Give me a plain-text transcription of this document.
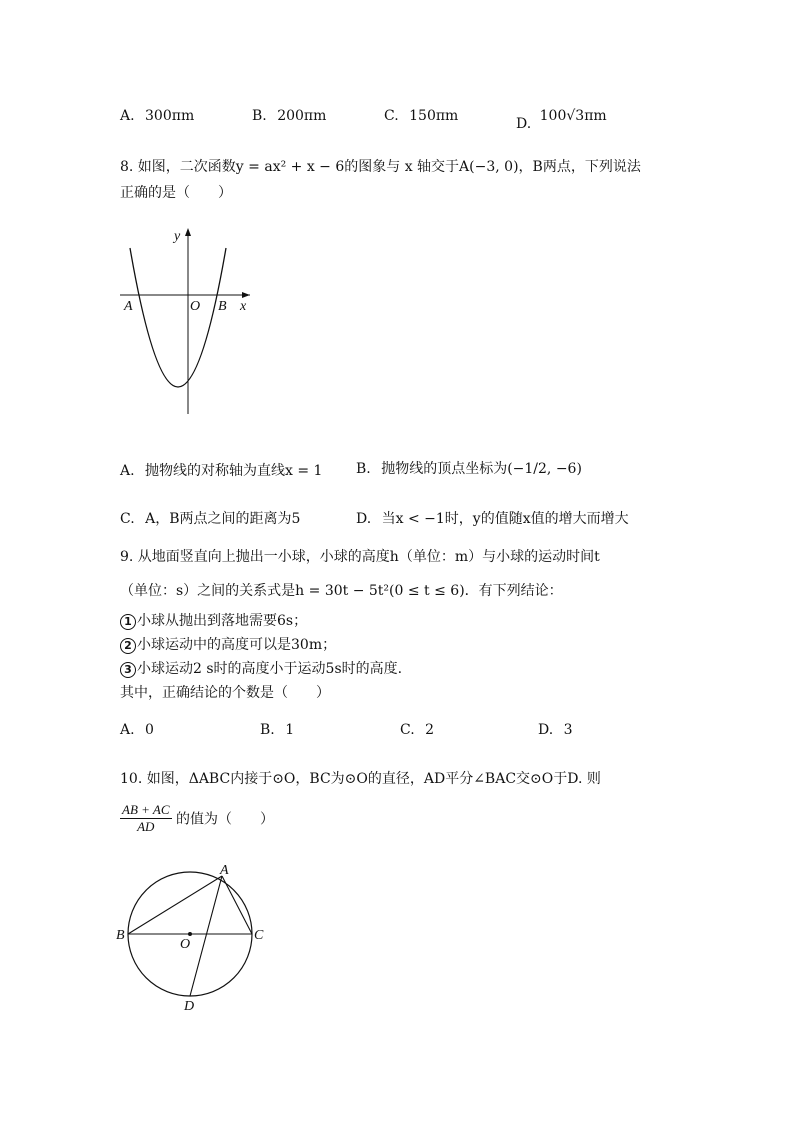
A. 300πm	B. 200πm	C. 150πm	D. 100√3πm
8. 如图，二次函数y = ax² + x − 6的图象与 x 轴交于A(−3, 0)，B两点，下列说法
正确的是（　　）
y
x
A	O B
A. 抛物线的对称轴为直线x = 1 B. 抛物线的顶点坐标为(−1/2, −6)
C. A，B两点之间的距离为5	D. 当x < −1时，y的值随x值的增大而增大
9. 从地面竖直向上抛出一小球，小球的高度h（单位：m）与小球的运动时间t
（单位：s）之间的关系式是h = 30t − 5t²(0 ≤ t ≤ 6)．有下列结论：
1 小球从抛出到落地需要6s；
2 小球运动中的高度可以是30m；
3 小球运动2 s时的高度小于运动5s时的高度.
其中，正确结论的个数是（　　）
A. 0	B. 1	C. 2	D. 3
10. 如图，ΔABC内接于⊙O，BC为⊙O的直径，AD平分∠BAC交⊙O于D. 则
$\frac{AB + AC}{AD}$ 的值为（　　）
A
B	C
O
D
